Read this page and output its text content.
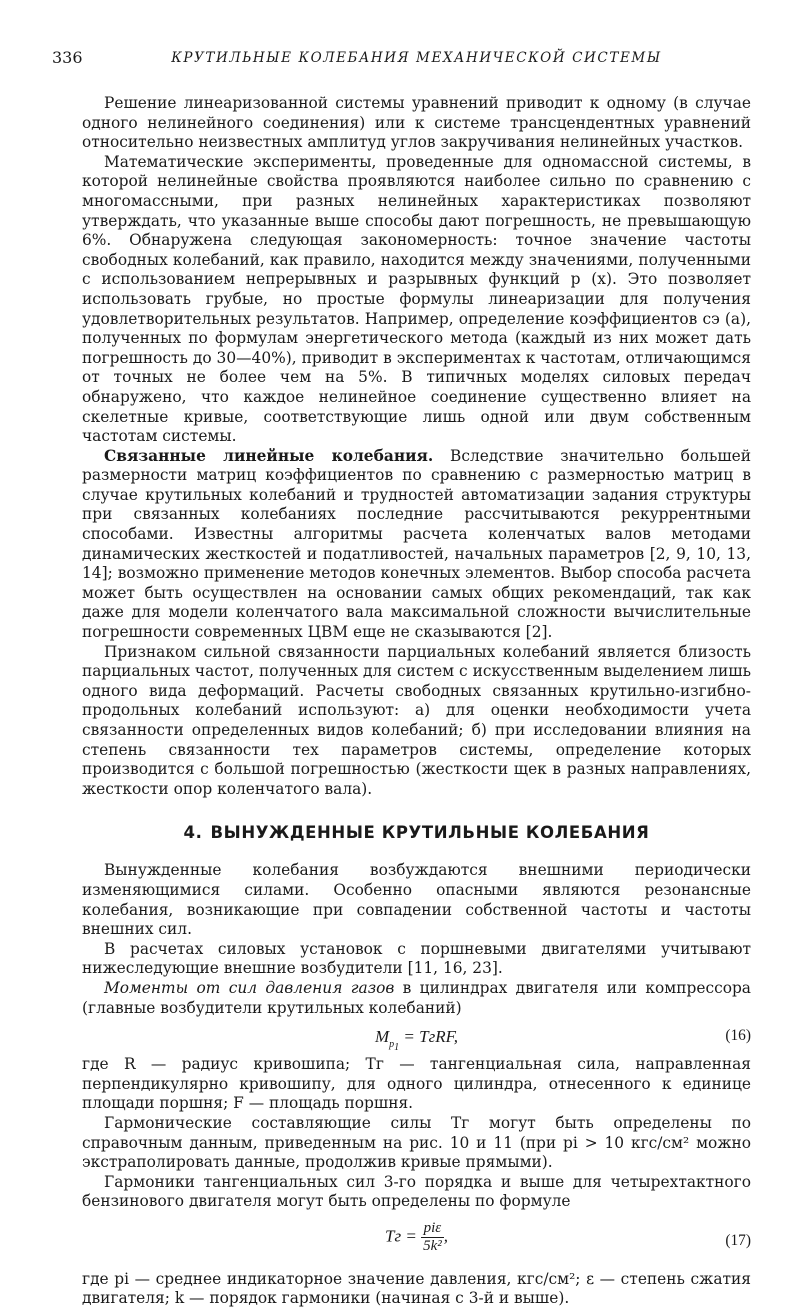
336	КРУТИЛЬНЫЕ КОЛЕБАНИЯ МЕХАНИЧЕСКОЙ СИСТЕМЫ

Решение линеаризованной системы уравнений приводит к одному (в случае одного нелинейного соединения) или к системе трансцендентных уравнений относительно неизвестных амплитуд углов закручивания нелинейных участков.

Математические эксперименты, проведенные для одномассной системы, в которой нелинейные свойства проявляются наиболее сильно по сравнению с многомассными, при разных нелинейных характеристиках позволяют утверждать, что указанные выше способы дают погрешность, не превышающую 6%. Обнаружена следующая закономерность: точное значение частоты свободных колебаний, как правило, находится между значениями, полученными с использованием непрерывных и разрывных функций p (x). Это позволяет использовать грубые, но простые формулы линеаризации для получения удовлетворительных результатов. Например, определение коэффициентов cэ (a), полученных по формулам энергетического метода (каждый из них может дать погрешность до 30—40%), приводит в экспериментах к частотам, отличающимся от точных не более чем на 5%. В типичных моделях силовых передач обнаружено, что каждое нелинейное соединение существенно влияет на скелетные кривые, соответствующие лишь одной или двум собственным частотам системы.

Связанные линейные колебания. Вследствие значительно большей размерности матриц коэффициентов по сравнению с размерностью матриц в случае крутильных колебаний и трудностей автоматизации задания структуры при связанных колебаниях последние рассчитываются рекуррентными способами. Известны алгоритмы расчета коленчатых валов методами динамических жесткостей и податливостей, начальных параметров [2, 9, 10, 13, 14]; возможно применение методов конечных элементов. Выбор способа расчета может быть осуществлен на основании самых общих рекомендаций, так как даже для модели коленчатого вала максимальной сложности вычислительные погрешности современных ЦВМ еще не сказываются [2].

Признаком сильной связанности парциальных колебаний является близость парциальных частот, полученных для систем с искусственным выделением лишь одного вида деформаций. Расчеты свободных связанных крутильно-изгибно-продольных колебаний используют: а) для оценки необходимости учета связанности определенных видов колебаний; б) при исследовании влияния на степень связанности тех параметров системы, определение которых производится с большой погрешностью (жесткости щек в разных направлениях, жесткости опор коленчатого вала).

4. ВЫНУЖДЕННЫЕ КРУТИЛЬНЫЕ КОЛЕБАНИЯ

Вынужденные колебания возбуждаются внешними периодически изменяющимися силами. Особенно опасными являются резонансные колебания, возникающие при совпадении собственной частоты и частоты внешних сил.

В расчетах силовых установок с поршневыми двигателями учитывают нижеследующие внешние возбудители [11, 16, 23].

Моменты от сил давления газов в цилиндрах двигателя или компрессора (главные возбудители крутильных колебаний)

$M_{p_1}$ = TгRF,	(16)

где R — радиус кривошипа; Tг — тангенциальная сила, направленная перпендикулярно кривошипу, для одного цилиндра, отнесенного к единице площади поршня; F — площадь поршня.

Гармонические составляющие силы Tг могут быть определены по справочным данным, приведенным на рис. 10 и 11 (при pi > 10 кгс/см² можно экстраполировать данные, продолжив кривые прямыми).

Гармоники тангенциальных сил 3-го порядка и выше для четырехтактного бензинового двигателя могут быть определены по формуле

Tг = $\frac{\text{piε}}{\text{5k²}}$ ,	(17)

где pi — среднее индикаторное значение давления, кгс/см²; ε — степень сжатия двигателя; k — порядок гармоники (начиная с 3-й и выше).
